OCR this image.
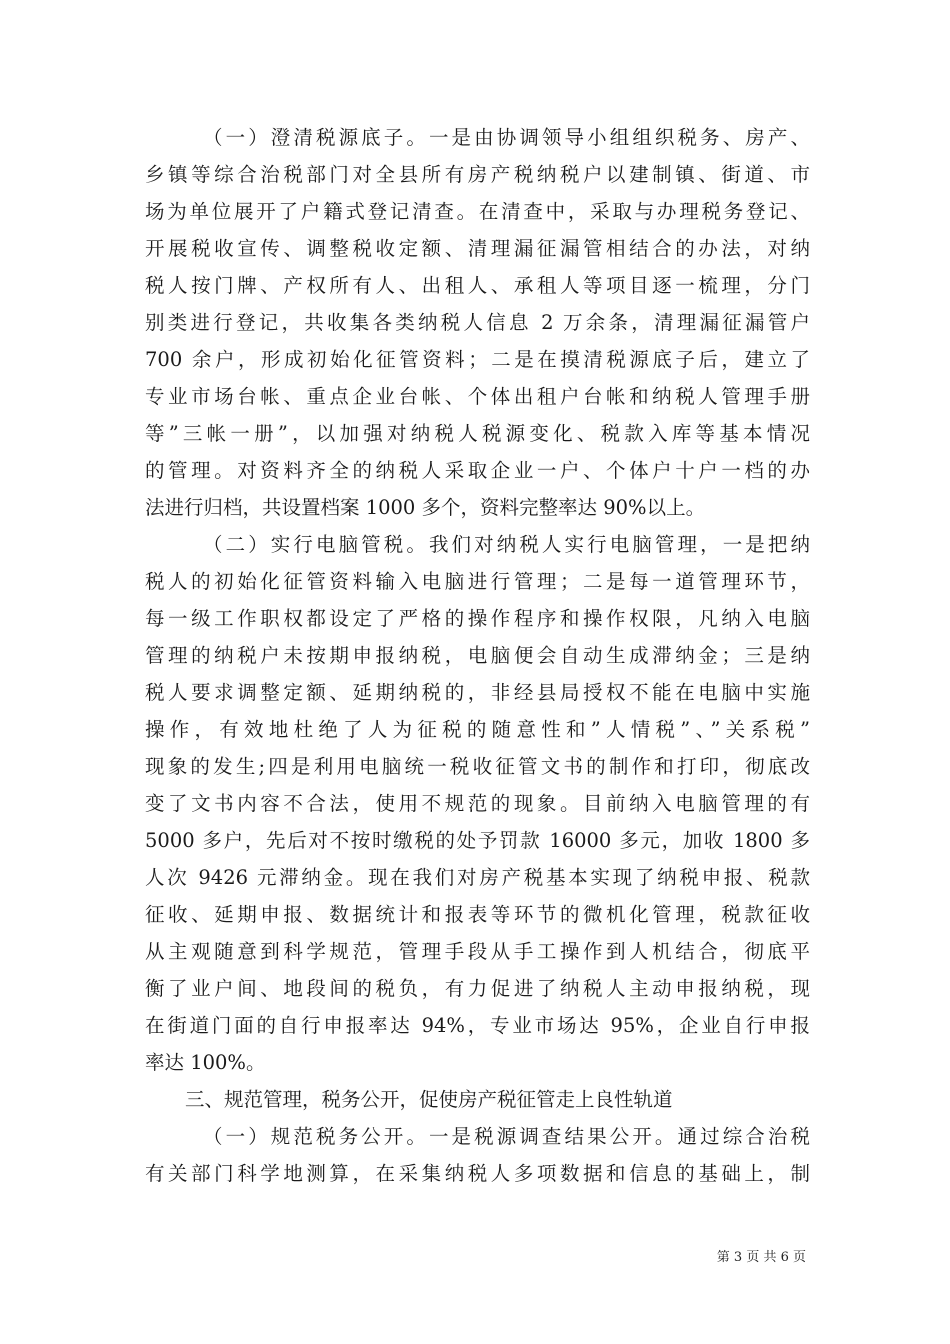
（一）澄清税源底子。一是由协调领导小组组织税务、房产、
乡镇等综合治税部门对全县所有房产税纳税户以建制镇、街道、市
场为单位展开了户籍式登记清查。在清查中，采取与办理税务登记、
开展税收宣传、调整税收定额、清理漏征漏管相结合的办法，对纳
税人按门牌、产权所有人、出租人、承租人等项目逐一梳理，分门
别类进行登记，共收集各类纳税人信息 2 万余条，清理漏征漏管户
700 余户，形成初始化征管资料；二是在摸清税源底子后，建立了
专业市场台帐、重点企业台帐、个体出租户台帐和纳税人管理手册
等”三帐一册”，以加强对纳税人税源变化、税款入库等基本情况
的管理。对资料齐全的纳税人采取企业一户、个体户十户一档的办
法进行归档，共设置档案 1000 多个，资料完整率达 90%以上。
（二）实行电脑管税。我们对纳税人实行电脑管理，一是把纳
税人的初始化征管资料输入电脑进行管理；二是每一道管理环节，
每一级工作职权都设定了严格的操作程序和操作权限，凡纳入电脑
管理的纳税户未按期申报纳税，电脑便会自动生成滞纳金；三是纳
税人要求调整定额、延期纳税的，非经县局授权不能在电脑中实施
操作，有效地杜绝了人为征税的随意性和”人情税”、”关系税”
现象的发生;四是利用电脑统一税收征管文书的制作和打印，彻底改
变了文书内容不合法，使用不规范的现象。目前纳入电脑管理的有
5000 多户，先后对不按时缴税的处予罚款 16000 多元，加收 1800 多
人次 9426 元滞纳金。现在我们对房产税基本实现了纳税申报、税款
征收、延期申报、数据统计和报表等环节的微机化管理，税款征收
从主观随意到科学规范，管理手段从手工操作到人机结合，彻底平
衡了业户间、地段间的税负，有力促进了纳税人主动申报纳税，现
在街道门面的自行申报率达 94%，专业市场达 95%，企业自行申报
率达 100%。
三、规范管理，税务公开，促使房产税征管走上良性轨道
（一）规范税务公开。一是税源调查结果公开。通过综合治税
有关部门科学地测算，在采集纳税人多项数据和信息的基础上，制
第 3 页 共 6 页
